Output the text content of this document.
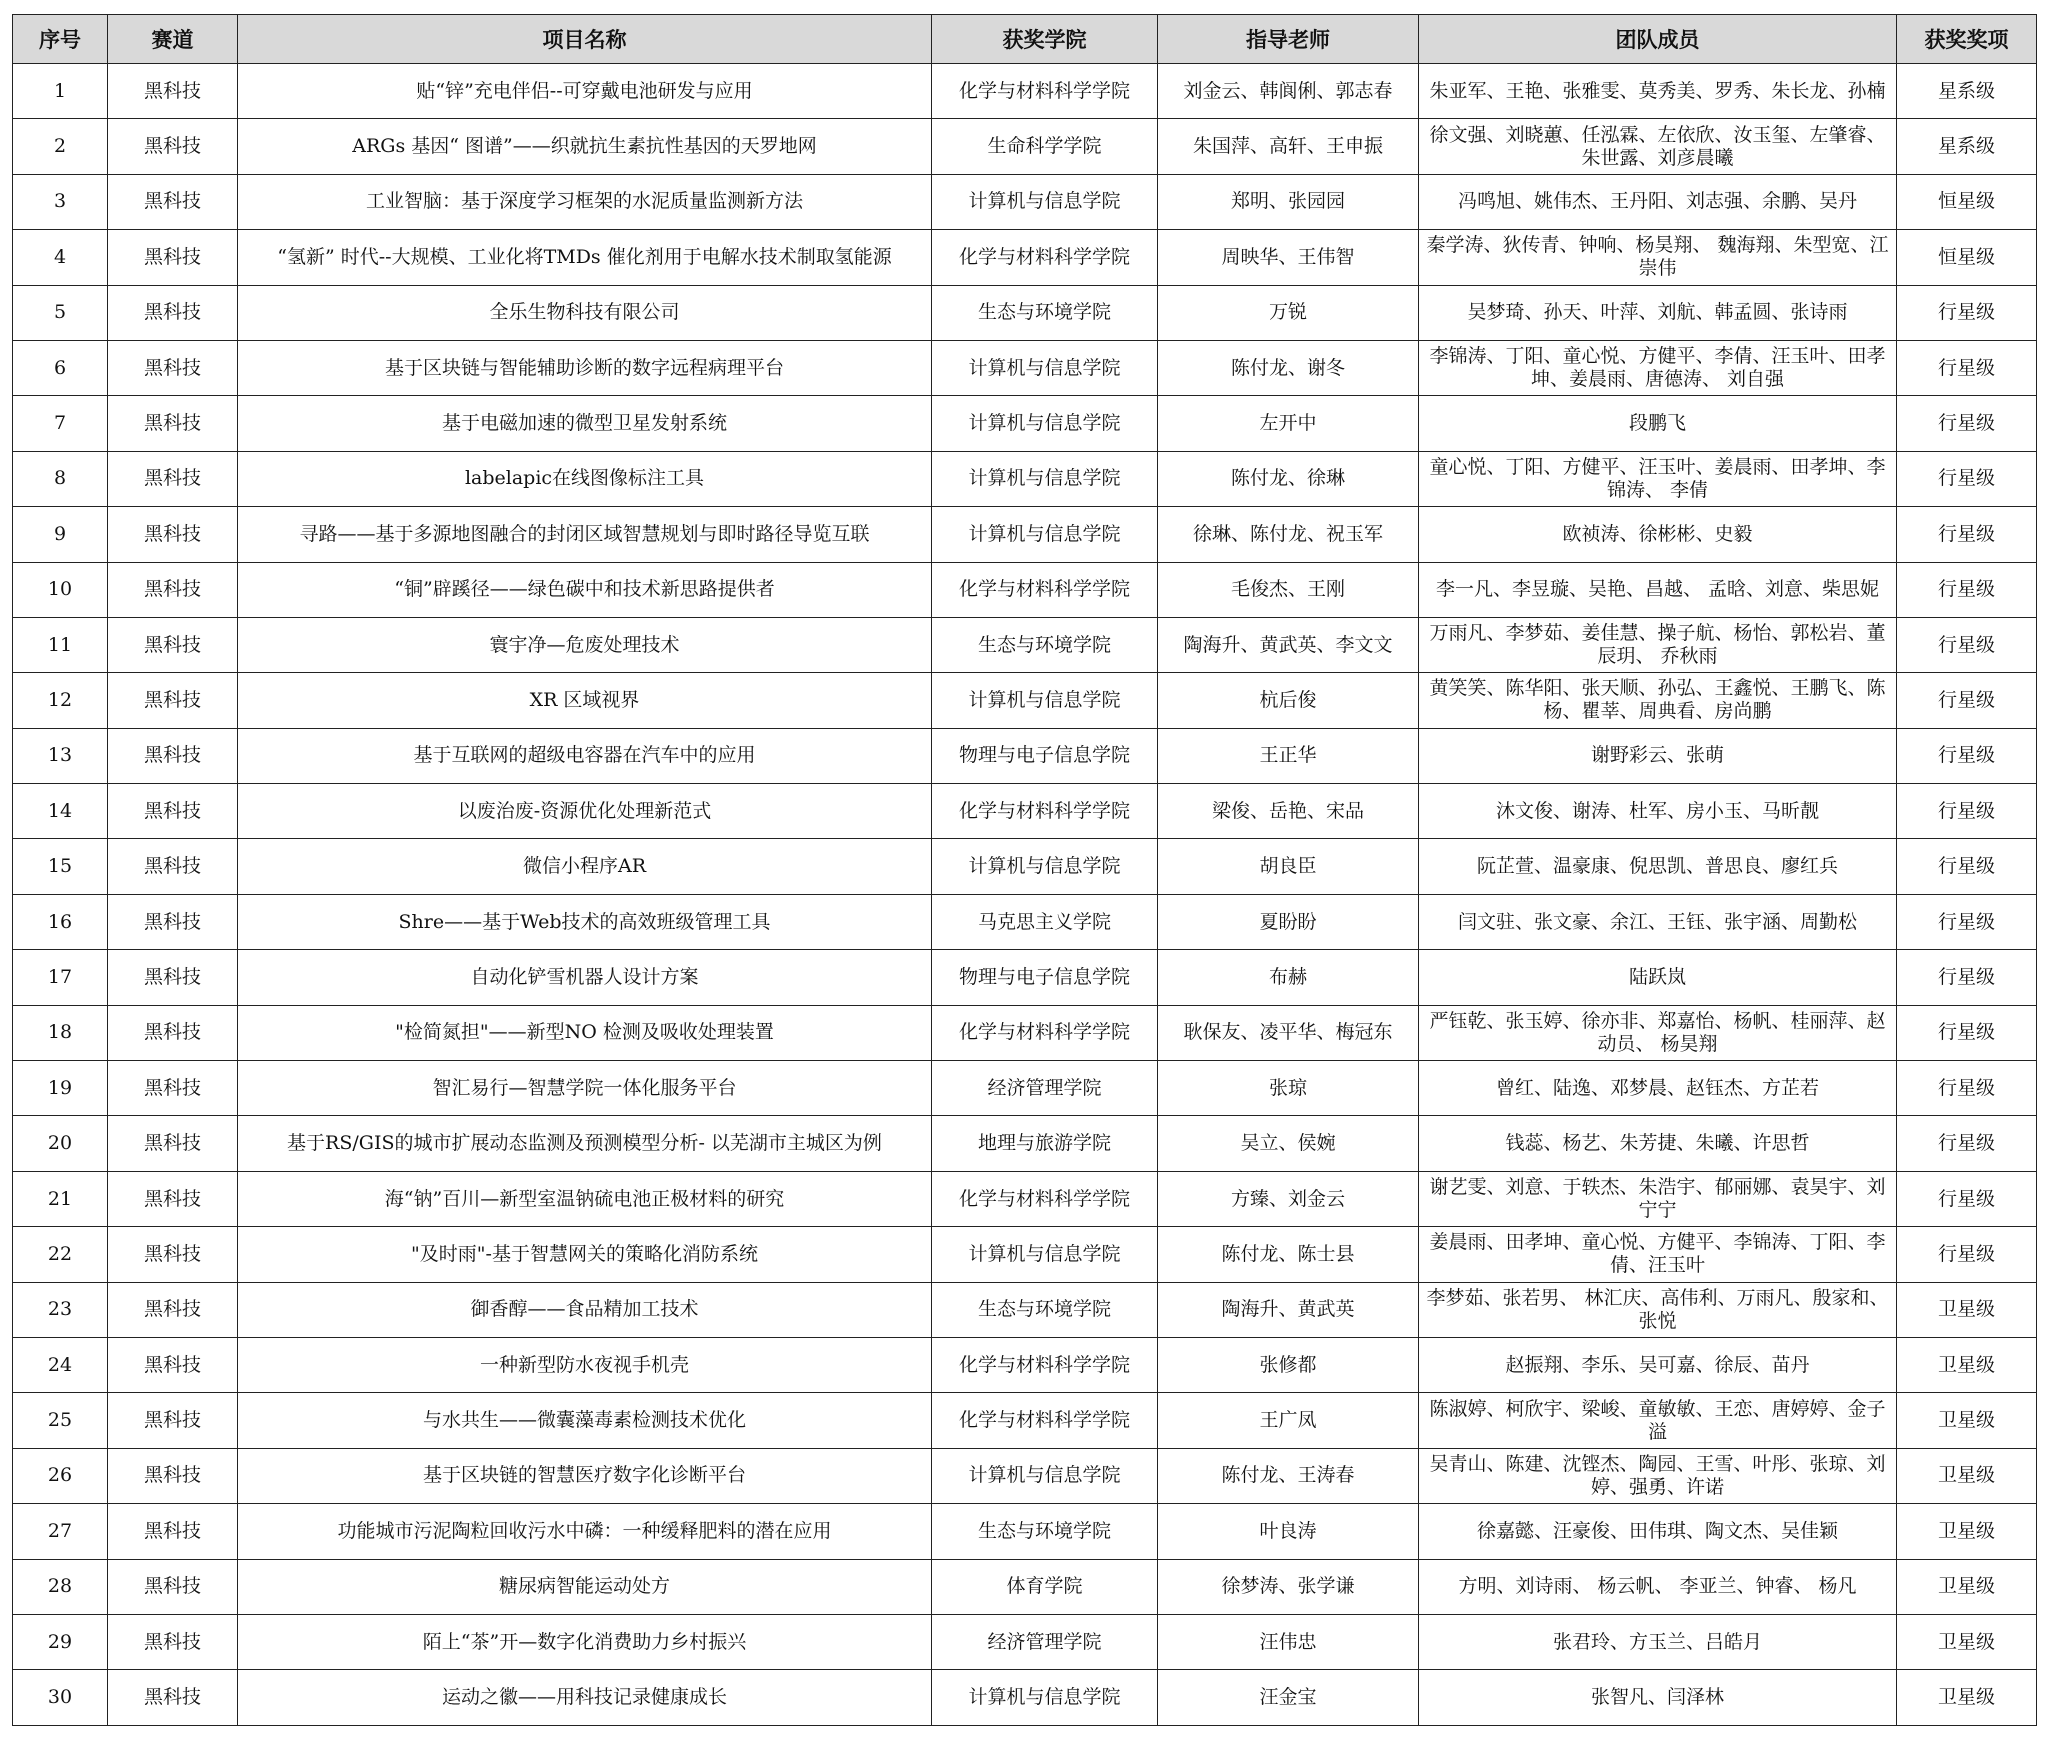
序号	赛道	项目名称	获奖学院	指导老师	团队成员	获奖奖项
1	黑科技	贴“锌”充电伴侣--可穿戴电池研发与应用	化学与材料科学学院	刘金云、韩阆俐、郭志春	朱亚军、王艳、张雅雯、莫秀美、罗秀、朱长龙、孙楠	星系级
2	黑科技	ARGs 基因“ 图谱”——织就抗生素抗性基因的天罗地网	生命科学学院	朱国萍、高轩、王申振	徐文强、刘晓蕙、任泓霖、左依欣、汝玉玺、左肇睿、朱世露、刘彦晨曦	星系级
3	黑科技	工业智脑：基于深度学习框架的水泥质量监测新方法	计算机与信息学院	郑明、张园园	冯鸣旭、姚伟杰、王丹阳、刘志强、余鹏、吴丹	恒星级
4	黑科技	“氢新” 时代--大规模、工业化将TMDs 催化剂用于电解水技术制取氢能源	化学与材料科学学院	周映华、王伟智	秦学涛、狄传青、钟响、杨昊翔、 魏海翔、朱型宽、江崇伟	恒星级
5	黑科技	全乐生物科技有限公司	生态与环境学院	万锐	吴梦琦、孙天、叶萍、刘航、韩孟圆、张诗雨	行星级
6	黑科技	基于区块链与智能辅助诊断的数字远程病理平台	计算机与信息学院	陈付龙、谢冬	李锦涛、丁阳、童心悦、方健平、李倩、汪玉叶、田孝坤、姜晨雨、唐德涛、 刘自强	行星级
7	黑科技	基于电磁加速的微型卫星发射系统	计算机与信息学院	左开中	段鹏飞	行星级
8	黑科技	labelapic在线图像标注工具	计算机与信息学院	陈付龙、徐琳	童心悦、丁阳、方健平、汪玉叶、姜晨雨、田孝坤、李锦涛、 李倩	行星级
9	黑科技	寻路——基于多源地图融合的封闭区域智慧规划与即时路径导览互联	计算机与信息学院	徐琳、陈付龙、祝玉军	欧祯涛、徐彬彬、史毅	行星级
10	黑科技	“铜”辟蹊径——绿色碳中和技术新思路提供者	化学与材料科学学院	毛俊杰、王刚	李一凡、李昱璇、吴艳、昌越、 孟晗、刘意、柴思妮	行星级
11	黑科技	寰宇净—危废处理技术	生态与环境学院	陶海升、黄武英、李文文	万雨凡、李梦茹、姜佳慧、操子航、杨怡、郭松岩、董辰玥、 乔秋雨	行星级
12	黑科技	XR 区域视界	计算机与信息学院	杭后俊	黄笑笑、陈华阳、张天顺、孙弘、王鑫悦、王鹏飞、陈杨、瞿莘、周典看、房尚鹏	行星级
13	黑科技	基于互联网的超级电容器在汽车中的应用	物理与电子信息学院	王正华	谢野彩云、张萌	行星级
14	黑科技	以废治废-资源优化处理新范式	化学与材料科学学院	梁俊、岳艳、宋品	沐文俊、谢涛、杜军、房小玉、马昕靓	行星级
15	黑科技	微信小程序AR	计算机与信息学院	胡良臣	阮芷萱、温豪康、倪思凯、普思良、廖红兵	行星级
16	黑科技	Shre——基于Web技术的高效班级管理工具	马克思主义学院	夏盼盼	闫文驻、张文豪、余江、王钰、张宇涵、周勤松	行星级
17	黑科技	自动化铲雪机器人设计方案	物理与电子信息学院	布赫	陆跃岚	行星级
18	黑科技	"检简氮担"——新型NO 检测及吸收处理装置	化学与材料科学学院	耿保友、凌平华、梅冠东	严钰乾、张玉婷、徐亦非、郑嘉怡、杨帆、桂丽萍、赵动员、 杨昊翔	行星级
19	黑科技	智汇易行—智慧学院一体化服务平台	经济管理学院	张琼	曾红、陆逸、邓梦晨、赵钰杰、方芷若	行星级
20	黑科技	基于RS/GIS的城市扩展动态监测及预测模型分析- 以芜湖市主城区为例	地理与旅游学院	吴立、侯婉	钱蕊、杨艺、朱芳捷、朱曦、许思哲	行星级
21	黑科技	海“钠”百川—新型室温钠硫电池正极材料的研究	化学与材料科学学院	方臻、刘金云	谢艺雯、刘意、于轶杰、朱浩宇、郁丽娜、袁昊宇、刘宁宁	行星级
22	黑科技	"及时雨"-基于智慧网关的策略化消防系统	计算机与信息学院	陈付龙、陈士县	姜晨雨、田孝坤、童心悦、方健平、李锦涛、丁阳、李倩、汪玉叶	行星级
23	黑科技	御香醇——食品精加工技术	生态与环境学院	陶海升、黄武英	李梦茹、张若男、 林汇庆、高伟利、万雨凡、殷家和、张悦	卫星级
24	黑科技	一种新型防水夜视手机壳	化学与材料科学学院	张修都	赵振翔、李乐、吴可嘉、徐辰、苗丹	卫星级
25	黑科技	与水共生——微囊藻毒素检测技术优化	化学与材料科学学院	王广凤	陈淑婷、柯欣宇、梁峻、童敏敏、王恋、唐婷婷、金子溢	卫星级
26	黑科技	基于区块链的智慧医疗数字化诊断平台	计算机与信息学院	陈付龙、王涛春	吴青山、陈建、沈铿杰、陶园、王雪、叶彤、张琼、刘婷、强勇、许诺	卫星级
27	黑科技	功能城市污泥陶粒回收污水中磷：一种缓释肥料的潜在应用	生态与环境学院	叶良涛	徐嘉懿、汪豪俊、田伟琪、陶文杰、吴佳颖	卫星级
28	黑科技	糖尿病智能运动处方	体育学院	徐梦涛、张学谦	方明、刘诗雨、 杨云帆、 李亚兰、钟睿、 杨凡	卫星级
29	黑科技	陌上“茶”开—数字化消费助力乡村振兴	经济管理学院	汪伟忠	张君玲、方玉兰、吕皓月	卫星级
30	黑科技	运动之徽——用科技记录健康成长	计算机与信息学院	汪金宝	张智凡、闫泽林	卫星级
